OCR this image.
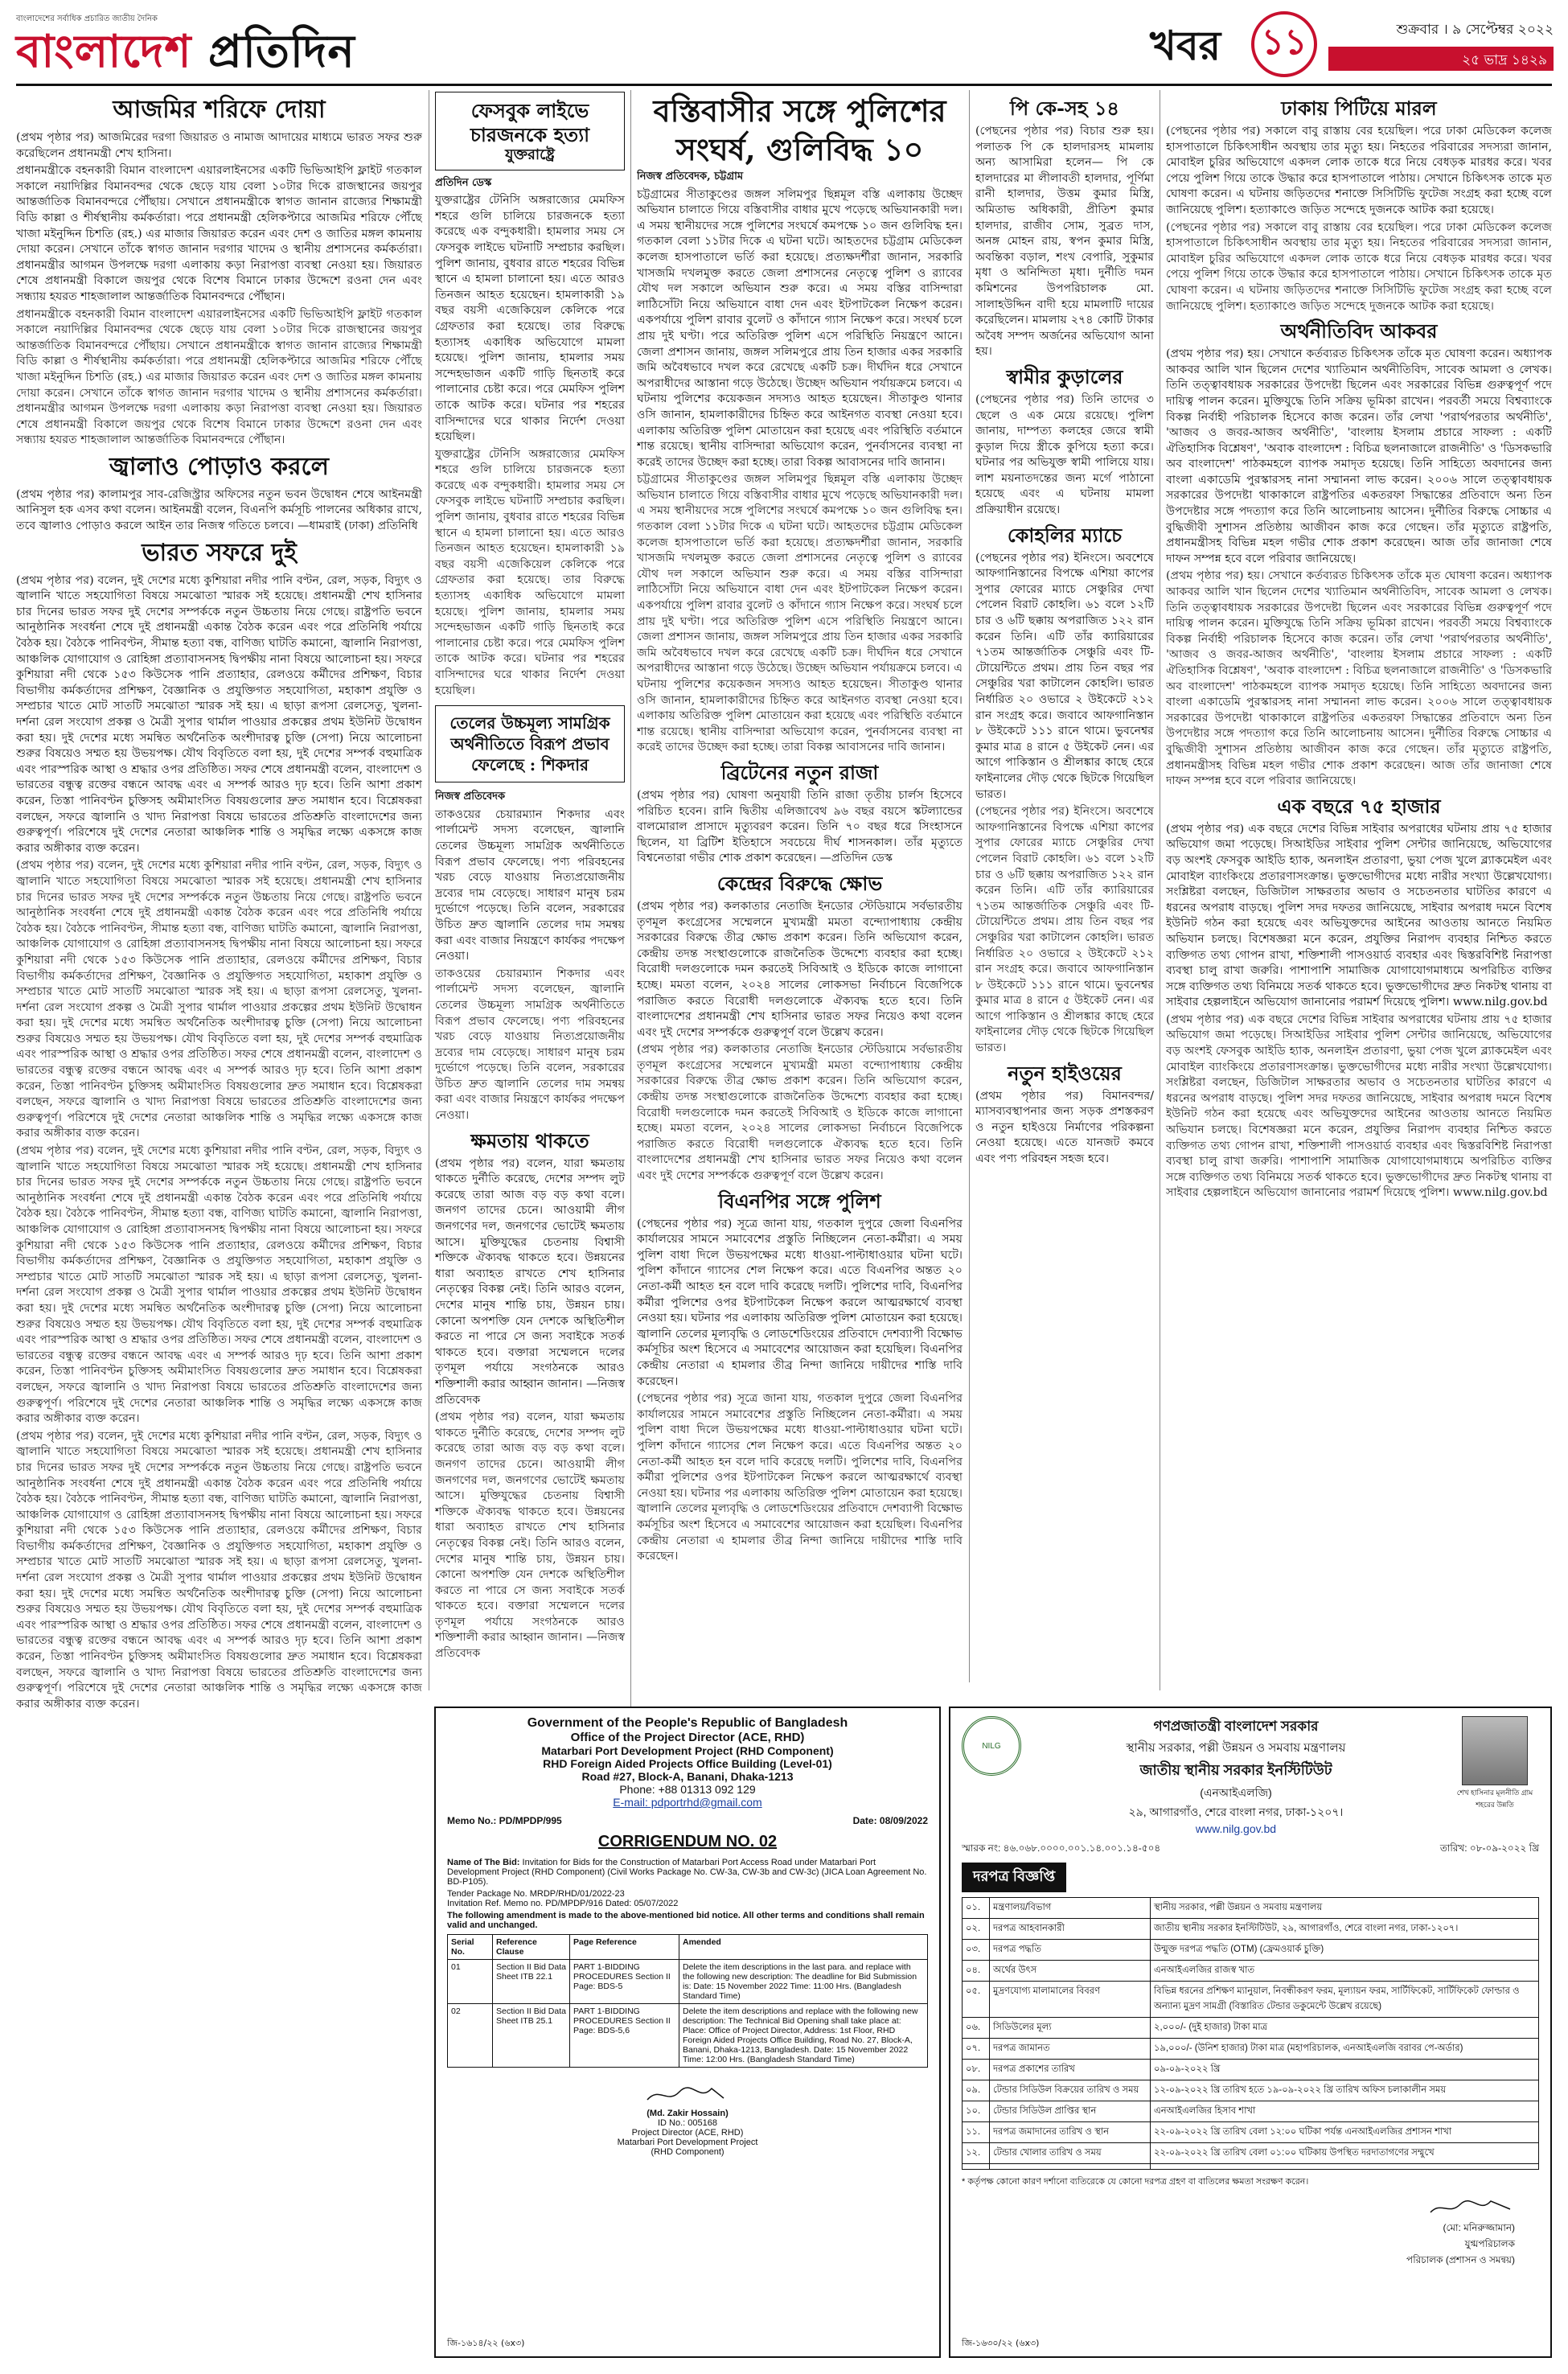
বাংলাদেশের সর্বাধিক প্রচারিত জাতীয় দৈনিক
বাংলাদেশ প্রতিদিন	খবর ১১	শুক্রবার । ৯ সেপ্টেম্বর ২০২২
২৫ ভাদ্র ১৪২৯
আজমির শরিফে দোয়া

(প্রথম পৃষ্ঠার পর) আজমিরের দরগা জিয়ারত ও নামাজ আদায়ের মাধ্যমে ভারত সফর শুরু করেছিলেন প্রধানমন্ত্রী শেখ হাসিনা।

প্রধানমন্ত্রীকে বহনকারী বিমান বাংলাদেশ এয়ারলাইনসের একটি ভিভিআইপি ফ্লাইট গতকাল সকালে নয়াদিল্লির বিমানবন্দর থেকে ছেড়ে যায় বেলা ১০টার দিকে রাজস্থানের জয়পুর আন্তর্জাতিক বিমানবন্দরে পৌঁছায়। সেখানে প্রধানমন্ত্রীকে স্বাগত জানান রাজ্যের শিক্ষামন্ত্রী বিডি কাল্লা ও শীর্ষস্থানীয় কর্মকর্তারা। পরে প্রধানমন্ত্রী হেলিকপ্টারে আজমির শরিফে পৌঁছে খাজা মইনুদ্দিন চিশতি (রহ.) এর মাজার জিয়ারত করেন এবং দেশ ও জাতির মঙ্গল কামনায় দোয়া করেন। সেখানে তাঁকে স্বাগত জানান দরগার খাদেম ও স্থানীয় প্রশাসনের কর্মকর্তারা। প্রধানমন্ত্রীর আগমন উপলক্ষে দরগা এলাকায় কড়া নিরাপত্তা ব্যবস্থা নেওয়া হয়। জিয়ারত শেষে প্রধানমন্ত্রী বিকালে জয়পুর থেকে বিশেষ বিমানে ঢাকার উদ্দেশে রওনা দেন এবং সন্ধ্যায় হযরত শাহজালাল আন্তর্জাতিক বিমানবন্দরে পৌঁছান।

প্রধানমন্ত্রীকে বহনকারী বিমান বাংলাদেশ এয়ারলাইনসের একটি ভিভিআইপি ফ্লাইট গতকাল সকালে নয়াদিল্লির বিমানবন্দর থেকে ছেড়ে যায় বেলা ১০টার দিকে রাজস্থানের জয়পুর আন্তর্জাতিক বিমানবন্দরে পৌঁছায়। সেখানে প্রধানমন্ত্রীকে স্বাগত জানান রাজ্যের শিক্ষামন্ত্রী বিডি কাল্লা ও শীর্ষস্থানীয় কর্মকর্তারা। পরে প্রধানমন্ত্রী হেলিকপ্টারে আজমির শরিফে পৌঁছে খাজা মইনুদ্দিন চিশতি (রহ.) এর মাজার জিয়ারত করেন এবং দেশ ও জাতির মঙ্গল কামনায় দোয়া করেন। সেখানে তাঁকে স্বাগত জানান দরগার খাদেম ও স্থানীয় প্রশাসনের কর্মকর্তারা। প্রধানমন্ত্রীর আগমন উপলক্ষে দরগা এলাকায় কড়া নিরাপত্তা ব্যবস্থা নেওয়া হয়। জিয়ারত শেষে প্রধানমন্ত্রী বিকালে জয়পুর থেকে বিশেষ বিমানে ঢাকার উদ্দেশে রওনা দেন এবং সন্ধ্যায় হযরত শাহজালাল আন্তর্জাতিক বিমানবন্দরে পৌঁছান।

জ্বালাও পোড়াও করলে

(প্রথম পৃষ্ঠার পর) কালামপুর সাব-রেজিস্ট্রার অফিসের নতুন ভবন উদ্বোধন শেষে আইনমন্ত্রী আনিসুল হক এসব কথা বলেন। আইনমন্ত্রী বলেন, বিএনপি কর্মসূচি পালনের অধিকার রাখে, তবে জ্বালাও পোড়াও করলে আইন তার নিজস্ব গতিতে চলবে। —ধামরাই (ঢাকা) প্রতিনিধি

ভারত সফরে দুই

(প্রথম পৃষ্ঠার পর) বলেন, দুই দেশের মধ্যে কুশিয়ারা নদীর পানি বণ্টন, রেল, সড়ক, বিদ্যুৎ ও জ্বালানি খাতে সহযোগিতা বিষয়ে সমঝোতা স্মারক সই হয়েছে। প্রধানমন্ত্রী শেখ হাসিনার চার দিনের ভারত সফর দুই দেশের সম্পর্ককে নতুন উচ্চতায় নিয়ে গেছে। রাষ্ট্রপতি ভবনে আনুষ্ঠানিক সংবর্ধনা শেষে দুই প্রধানমন্ত্রী একান্ত বৈঠক করেন এবং পরে প্রতিনিধি পর্যায়ে বৈঠক হয়। বৈঠকে পানিবণ্টন, সীমান্ত হত্যা বন্ধ, বাণিজ্য ঘাটতি কমানো, জ্বালানি নিরাপত্তা, আঞ্চলিক যোগাযোগ ও রোহিঙ্গা প্রত্যাবাসনসহ দ্বিপক্ষীয় নানা বিষয়ে আলোচনা হয়। সফরে কুশিয়ারা নদী থেকে ১৫৩ কিউসেক পানি প্রত্যাহার, রেলওয়ে কর্মীদের প্রশিক্ষণ, বিচার বিভাগীয় কর্মকর্তাদের প্রশিক্ষণ, বৈজ্ঞানিক ও প্রযুক্তিগত সহযোগিতা, মহাকাশ প্রযুক্তি ও সম্প্রচার খাতে মোট সাতটি সমঝোতা স্মারক সই হয়। এ ছাড়া রূপসা রেলসেতু, খুলনা-দর্শনা রেল সংযোগ প্রকল্প ও মৈত্রী সুপার থার্মাল পাওয়ার প্রকল্পের প্রথম ইউনিট উদ্বোধন করা হয়। দুই দেশের মধ্যে সমন্বিত অর্থনৈতিক অংশীদারত্ব চুক্তি (সেপা) নিয়ে আলোচনা শুরুর বিষয়েও সম্মত হয় উভয়পক্ষ। যৌথ বিবৃতিতে বলা হয়, দুই দেশের সম্পর্ক বহুমাত্রিক এবং পারস্পরিক আস্থা ও শ্রদ্ধার ওপর প্রতিষ্ঠিত। সফর শেষে প্রধানমন্ত্রী বলেন, বাংলাদেশ ও ভারতের বন্ধুত্ব রক্তের বন্ধনে আবদ্ধ এবং এ সম্পর্ক আরও দৃঢ় হবে। তিনি আশা প্রকাশ করেন, তিস্তা পানিবণ্টন চুক্তিসহ অমীমাংসিত বিষয়গুলোর দ্রুত সমাধান হবে। বিশ্লেষকরা বলছেন, সফরে জ্বালানি ও খাদ্য নিরাপত্তা বিষয়ে ভারতের প্রতিশ্রুতি বাংলাদেশের জন্য গুরুত্বপূর্ণ। পরিশেষে দুই দেশের নেতারা আঞ্চলিক শান্তি ও সমৃদ্ধির লক্ষ্যে একসঙ্গে কাজ করার অঙ্গীকার ব্যক্ত করেন।

(প্রথম পৃষ্ঠার পর) বলেন, দুই দেশের মধ্যে কুশিয়ারা নদীর পানি বণ্টন, রেল, সড়ক, বিদ্যুৎ ও জ্বালানি খাতে সহযোগিতা বিষয়ে সমঝোতা স্মারক সই হয়েছে। প্রধানমন্ত্রী শেখ হাসিনার চার দিনের ভারত সফর দুই দেশের সম্পর্ককে নতুন উচ্চতায় নিয়ে গেছে। রাষ্ট্রপতি ভবনে আনুষ্ঠানিক সংবর্ধনা শেষে দুই প্রধানমন্ত্রী একান্ত বৈঠক করেন এবং পরে প্রতিনিধি পর্যায়ে বৈঠক হয়। বৈঠকে পানিবণ্টন, সীমান্ত হত্যা বন্ধ, বাণিজ্য ঘাটতি কমানো, জ্বালানি নিরাপত্তা, আঞ্চলিক যোগাযোগ ও রোহিঙ্গা প্রত্যাবাসনসহ দ্বিপক্ষীয় নানা বিষয়ে আলোচনা হয়। সফরে কুশিয়ারা নদী থেকে ১৫৩ কিউসেক পানি প্রত্যাহার, রেলওয়ে কর্মীদের প্রশিক্ষণ, বিচার বিভাগীয় কর্মকর্তাদের প্রশিক্ষণ, বৈজ্ঞানিক ও প্রযুক্তিগত সহযোগিতা, মহাকাশ প্রযুক্তি ও সম্প্রচার খাতে মোট সাতটি সমঝোতা স্মারক সই হয়। এ ছাড়া রূপসা রেলসেতু, খুলনা-দর্শনা রেল সংযোগ প্রকল্প ও মৈত্রী সুপার থার্মাল পাওয়ার প্রকল্পের প্রথম ইউনিট উদ্বোধন করা হয়। দুই দেশের মধ্যে সমন্বিত অর্থনৈতিক অংশীদারত্ব চুক্তি (সেপা) নিয়ে আলোচনা শুরুর বিষয়েও সম্মত হয় উভয়পক্ষ। যৌথ বিবৃতিতে বলা হয়, দুই দেশের সম্পর্ক বহুমাত্রিক এবং পারস্পরিক আস্থা ও শ্রদ্ধার ওপর প্রতিষ্ঠিত। সফর শেষে প্রধানমন্ত্রী বলেন, বাংলাদেশ ও ভারতের বন্ধুত্ব রক্তের বন্ধনে আবদ্ধ এবং এ সম্পর্ক আরও দৃঢ় হবে। তিনি আশা প্রকাশ করেন, তিস্তা পানিবণ্টন চুক্তিসহ অমীমাংসিত বিষয়গুলোর দ্রুত সমাধান হবে। বিশ্লেষকরা বলছেন, সফরে জ্বালানি ও খাদ্য নিরাপত্তা বিষয়ে ভারতের প্রতিশ্রুতি বাংলাদেশের জন্য গুরুত্বপূর্ণ। পরিশেষে দুই দেশের নেতারা আঞ্চলিক শান্তি ও সমৃদ্ধির লক্ষ্যে একসঙ্গে কাজ করার অঙ্গীকার ব্যক্ত করেন।

(প্রথম পৃষ্ঠার পর) বলেন, দুই দেশের মধ্যে কুশিয়ারা নদীর পানি বণ্টন, রেল, সড়ক, বিদ্যুৎ ও জ্বালানি খাতে সহযোগিতা বিষয়ে সমঝোতা স্মারক সই হয়েছে। প্রধানমন্ত্রী শেখ হাসিনার চার দিনের ভারত সফর দুই দেশের সম্পর্ককে নতুন উচ্চতায় নিয়ে গেছে। রাষ্ট্রপতি ভবনে আনুষ্ঠানিক সংবর্ধনা শেষে দুই প্রধানমন্ত্রী একান্ত বৈঠক করেন এবং পরে প্রতিনিধি পর্যায়ে বৈঠক হয়। বৈঠকে পানিবণ্টন, সীমান্ত হত্যা বন্ধ, বাণিজ্য ঘাটতি কমানো, জ্বালানি নিরাপত্তা, আঞ্চলিক যোগাযোগ ও রোহিঙ্গা প্রত্যাবাসনসহ দ্বিপক্ষীয় নানা বিষয়ে আলোচনা হয়। সফরে কুশিয়ারা নদী থেকে ১৫৩ কিউসেক পানি প্রত্যাহার, রেলওয়ে কর্মীদের প্রশিক্ষণ, বিচার বিভাগীয় কর্মকর্তাদের প্রশিক্ষণ, বৈজ্ঞানিক ও প্রযুক্তিগত সহযোগিতা, মহাকাশ প্রযুক্তি ও সম্প্রচার খাতে মোট সাতটি সমঝোতা স্মারক সই হয়। এ ছাড়া রূপসা রেলসেতু, খুলনা-দর্শনা রেল সংযোগ প্রকল্প ও মৈত্রী সুপার থার্মাল পাওয়ার প্রকল্পের প্রথম ইউনিট উদ্বোধন করা হয়। দুই দেশের মধ্যে সমন্বিত অর্থনৈতিক অংশীদারত্ব চুক্তি (সেপা) নিয়ে আলোচনা শুরুর বিষয়েও সম্মত হয় উভয়পক্ষ। যৌথ বিবৃতিতে বলা হয়, দুই দেশের সম্পর্ক বহুমাত্রিক এবং পারস্পরিক আস্থা ও শ্রদ্ধার ওপর প্রতিষ্ঠিত। সফর শেষে প্রধানমন্ত্রী বলেন, বাংলাদেশ ও ভারতের বন্ধুত্ব রক্তের বন্ধনে আবদ্ধ এবং এ সম্পর্ক আরও দৃঢ় হবে। তিনি আশা প্রকাশ করেন, তিস্তা পানিবণ্টন চুক্তিসহ অমীমাংসিত বিষয়গুলোর দ্রুত সমাধান হবে। বিশ্লেষকরা বলছেন, সফরে জ্বালানি ও খাদ্য নিরাপত্তা বিষয়ে ভারতের প্রতিশ্রুতি বাংলাদেশের জন্য গুরুত্বপূর্ণ। পরিশেষে দুই দেশের নেতারা আঞ্চলিক শান্তি ও সমৃদ্ধির লক্ষ্যে একসঙ্গে কাজ করার অঙ্গীকার ব্যক্ত করেন।

(প্রথম পৃষ্ঠার পর) বলেন, দুই দেশের মধ্যে কুশিয়ারা নদীর পানি বণ্টন, রেল, সড়ক, বিদ্যুৎ ও জ্বালানি খাতে সহযোগিতা বিষয়ে সমঝোতা স্মারক সই হয়েছে। প্রধানমন্ত্রী শেখ হাসিনার চার দিনের ভারত সফর দুই দেশের সম্পর্ককে নতুন উচ্চতায় নিয়ে গেছে। রাষ্ট্রপতি ভবনে আনুষ্ঠানিক সংবর্ধনা শেষে দুই প্রধানমন্ত্রী একান্ত বৈঠক করেন এবং পরে প্রতিনিধি পর্যায়ে বৈঠক হয়। বৈঠকে পানিবণ্টন, সীমান্ত হত্যা বন্ধ, বাণিজ্য ঘাটতি কমানো, জ্বালানি নিরাপত্তা, আঞ্চলিক যোগাযোগ ও রোহিঙ্গা প্রত্যাবাসনসহ দ্বিপক্ষীয় নানা বিষয়ে আলোচনা হয়। সফরে কুশিয়ারা নদী থেকে ১৫৩ কিউসেক পানি প্রত্যাহার, রেলওয়ে কর্মীদের প্রশিক্ষণ, বিচার বিভাগীয় কর্মকর্তাদের প্রশিক্ষণ, বৈজ্ঞানিক ও প্রযুক্তিগত সহযোগিতা, মহাকাশ প্রযুক্তি ও সম্প্রচার খাতে মোট সাতটি সমঝোতা স্মারক সই হয়। এ ছাড়া রূপসা রেলসেতু, খুলনা-দর্শনা রেল সংযোগ প্রকল্প ও মৈত্রী সুপার থার্মাল পাওয়ার প্রকল্পের প্রথম ইউনিট উদ্বোধন করা হয়। দুই দেশের মধ্যে সমন্বিত অর্থনৈতিক অংশীদারত্ব চুক্তি (সেপা) নিয়ে আলোচনা শুরুর বিষয়েও সম্মত হয় উভয়পক্ষ। যৌথ বিবৃতিতে বলা হয়, দুই দেশের সম্পর্ক বহুমাত্রিক এবং পারস্পরিক আস্থা ও শ্রদ্ধার ওপর প্রতিষ্ঠিত। সফর শেষে প্রধানমন্ত্রী বলেন, বাংলাদেশ ও ভারতের বন্ধুত্ব রক্তের বন্ধনে আবদ্ধ এবং এ সম্পর্ক আরও দৃঢ় হবে। তিনি আশা প্রকাশ করেন, তিস্তা পানিবণ্টন চুক্তিসহ অমীমাংসিত বিষয়গুলোর দ্রুত সমাধান হবে। বিশ্লেষকরা বলছেন, সফরে জ্বালানি ও খাদ্য নিরাপত্তা বিষয়ে ভারতের প্রতিশ্রুতি বাংলাদেশের জন্য গুরুত্বপূর্ণ। পরিশেষে দুই দেশের নেতারা আঞ্চলিক শান্তি ও সমৃদ্ধির লক্ষ্যে একসঙ্গে কাজ করার অঙ্গীকার ব্যক্ত করেন।

ফেসবুক লাইভে চারজনকে হত্যা
যুক্তরাষ্ট্রে
প্রতিদিন ডেস্ক

যুক্তরাষ্ট্রের টেনিসি অঙ্গরাজ্যের মেমফিস শহরে গুলি চালিয়ে চারজনকে হত্যা করেছে এক বন্দুকধারী। হামলার সময় সে ফেসবুক লাইভে ঘটনাটি সম্প্রচার করছিল। পুলিশ জানায়, বুধবার রাতে শহরের বিভিন্ন স্থানে এ হামলা চালানো হয়। এতে আরও তিনজন আহত হয়েছেন। হামলাকারী ১৯ বছর বয়সী এজেকিয়েল কেলিকে পরে গ্রেফতার করা হয়েছে। তার বিরুদ্ধে হত্যাসহ একাধিক অভিযোগে মামলা হয়েছে। পুলিশ জানায়, হামলার সময় সন্দেহভাজন একটি গাড়ি ছিনতাই করে পালানোর চেষ্টা করে। পরে মেমফিস পুলিশ তাকে আটক করে। ঘটনার পর শহরের বাসিন্দাদের ঘরে থাকার নির্দেশ দেওয়া হয়েছিল।

যুক্তরাষ্ট্রের টেনিসি অঙ্গরাজ্যের মেমফিস শহরে গুলি চালিয়ে চারজনকে হত্যা করেছে এক বন্দুকধারী। হামলার সময় সে ফেসবুক লাইভে ঘটনাটি সম্প্রচার করছিল। পুলিশ জানায়, বুধবার রাতে শহরের বিভিন্ন স্থানে এ হামলা চালানো হয়। এতে আরও তিনজন আহত হয়েছেন। হামলাকারী ১৯ বছর বয়সী এজেকিয়েল কেলিকে পরে গ্রেফতার করা হয়েছে। তার বিরুদ্ধে হত্যাসহ একাধিক অভিযোগে মামলা হয়েছে। পুলিশ জানায়, হামলার সময় সন্দেহভাজন একটি গাড়ি ছিনতাই করে পালানোর চেষ্টা করে। পরে মেমফিস পুলিশ তাকে আটক করে। ঘটনার পর শহরের বাসিন্দাদের ঘরে থাকার নির্দেশ দেওয়া হয়েছিল।

তেলের উচ্চমূল্য সামগ্রিক অর্থনীতিতে বিরূপ প্রভাব ফেলেছে : শিকদার
নিজস্ব প্রতিবেদক

তাকওয়ের চেয়ারম্যান শিকদার এবং পার্লামেন্ট সদস্য বলেছেন, জ্বালানি তেলের উচ্চমূল্য সামগ্রিক অর্থনীতিতে বিরূপ প্রভাব ফেলেছে। পণ্য পরিবহনের খরচ বেড়ে যাওয়ায় নিত্যপ্রয়োজনীয় দ্রব্যের দাম বেড়েছে। সাধারণ মানুষ চরম দুর্ভোগে পড়েছে। তিনি বলেন, সরকারের উচিত দ্রুত জ্বালানি তেলের দাম সমন্বয় করা এবং বাজার নিয়ন্ত্রণে কার্যকর পদক্ষেপ নেওয়া।

তাকওয়ের চেয়ারম্যান শিকদার এবং পার্লামেন্ট সদস্য বলেছেন, জ্বালানি তেলের উচ্চমূল্য সামগ্রিক অর্থনীতিতে বিরূপ প্রভাব ফেলেছে। পণ্য পরিবহনের খরচ বেড়ে যাওয়ায় নিত্যপ্রয়োজনীয় দ্রব্যের দাম বেড়েছে। সাধারণ মানুষ চরম দুর্ভোগে পড়েছে। তিনি বলেন, সরকারের উচিত দ্রুত জ্বালানি তেলের দাম সমন্বয় করা এবং বাজার নিয়ন্ত্রণে কার্যকর পদক্ষেপ নেওয়া।

ক্ষমতায় থাকতে

(প্রথম পৃষ্ঠার পর) বলেন, যারা ক্ষমতায় থাকতে দুর্নীতি করেছে, দেশের সম্পদ লুট করেছে তারা আজ বড় বড় কথা বলে। জনগণ তাদের চেনে। আওয়ামী লীগ জনগণের দল, জনগণের ভোটেই ক্ষমতায় আসে। মুক্তিযুদ্ধের চেতনায় বিশ্বাসী শক্তিকে ঐক্যবদ্ধ থাকতে হবে। উন্নয়নের ধারা অব্যাহত রাখতে শেখ হাসিনার নেতৃত্বের বিকল্প নেই। তিনি আরও বলেন, দেশের মানুষ শান্তি চায়, উন্নয়ন চায়। কোনো অপশক্তি যেন দেশকে অস্থিতিশীল করতে না পারে সে জন্য সবাইকে সতর্ক থাকতে হবে। বক্তারা সম্মেলনে দলের তৃণমূল পর্যায়ে সংগঠনকে আরও শক্তিশালী করার আহ্বান জানান। —নিজস্ব প্রতিবেদক

(প্রথম পৃষ্ঠার পর) বলেন, যারা ক্ষমতায় থাকতে দুর্নীতি করেছে, দেশের সম্পদ লুট করেছে তারা আজ বড় বড় কথা বলে। জনগণ তাদের চেনে। আওয়ামী লীগ জনগণের দল, জনগণের ভোটেই ক্ষমতায় আসে। মুক্তিযুদ্ধের চেতনায় বিশ্বাসী শক্তিকে ঐক্যবদ্ধ থাকতে হবে। উন্নয়নের ধারা অব্যাহত রাখতে শেখ হাসিনার নেতৃত্বের বিকল্প নেই। তিনি আরও বলেন, দেশের মানুষ শান্তি চায়, উন্নয়ন চায়। কোনো অপশক্তি যেন দেশকে অস্থিতিশীল করতে না পারে সে জন্য সবাইকে সতর্ক থাকতে হবে। বক্তারা সম্মেলনে দলের তৃণমূল পর্যায়ে সংগঠনকে আরও শক্তিশালী করার আহ্বান জানান। —নিজস্ব প্রতিবেদক

বস্তিবাসীর সঙ্গে পুলিশের সংঘর্ষ, গুলিবিদ্ধ ১০
নিজস্ব প্রতিবেদক, চট্টগ্রাম

চট্টগ্রামের সীতাকুণ্ডের জঙ্গল সলিমপুর ছিন্নমূল বস্তি এলাকায় উচ্ছেদ অভিযান চালাতে গিয়ে বস্তিবাসীর বাধার মুখে পড়েছে অভিযানকারী দল। এ সময় স্থানীয়দের সঙ্গে পুলিশের সংঘর্ষে কমপক্ষে ১০ জন গুলিবিদ্ধ হন। গতকাল বেলা ১১টার দিকে এ ঘটনা ঘটে। আহতদের চট্টগ্রাম মেডিকেল কলেজ হাসপাতালে ভর্তি করা হয়েছে। প্রত্যক্ষদর্শীরা জানান, সরকারি খাসজমি দখলমুক্ত করতে জেলা প্রশাসনের নেতৃত্বে পুলিশ ও র‌্যাবের যৌথ দল সকালে অভিযান শুরু করে। এ সময় বস্তির বাসিন্দারা লাঠিসোঁটা নিয়ে অভিযানে বাধা দেন এবং ইটপাটকেল নিক্ষেপ করেন। একপর্যায়ে পুলিশ রাবার বুলেট ও কাঁদানে গ্যাস নিক্ষেপ করে। সংঘর্ষ চলে প্রায় দুই ঘণ্টা। পরে অতিরিক্ত পুলিশ এসে পরিস্থিতি নিয়ন্ত্রণে আনে। জেলা প্রশাসন জানায়, জঙ্গল সলিমপুরে প্রায় তিন হাজার একর সরকারি জমি অবৈধভাবে দখল করে রেখেছে একটি চক্র। দীর্ঘদিন ধরে সেখানে অপরাধীদের আস্তানা গড়ে উঠেছে। উচ্ছেদ অভিযান পর্যায়ক্রমে চলবে। এ ঘটনায় পুলিশের কয়েকজন সদস্যও আহত হয়েছেন। সীতাকুণ্ড থানার ওসি জানান, হামলাকারীদের চিহ্নিত করে আইনগত ব্যবস্থা নেওয়া হবে। এলাকায় অতিরিক্ত পুলিশ মোতায়েন করা হয়েছে এবং পরিস্থিতি বর্তমানে শান্ত রয়েছে। স্থানীয় বাসিন্দারা অভিযোগ করেন, পুনর্বাসনের ব্যবস্থা না করেই তাদের উচ্ছেদ করা হচ্ছে। তারা বিকল্প আবাসনের দাবি জানান।

চট্টগ্রামের সীতাকুণ্ডের জঙ্গল সলিমপুর ছিন্নমূল বস্তি এলাকায় উচ্ছেদ অভিযান চালাতে গিয়ে বস্তিবাসীর বাধার মুখে পড়েছে অভিযানকারী দল। এ সময় স্থানীয়দের সঙ্গে পুলিশের সংঘর্ষে কমপক্ষে ১০ জন গুলিবিদ্ধ হন। গতকাল বেলা ১১টার দিকে এ ঘটনা ঘটে। আহতদের চট্টগ্রাম মেডিকেল কলেজ হাসপাতালে ভর্তি করা হয়েছে। প্রত্যক্ষদর্শীরা জানান, সরকারি খাসজমি দখলমুক্ত করতে জেলা প্রশাসনের নেতৃত্বে পুলিশ ও র‌্যাবের যৌথ দল সকালে অভিযান শুরু করে। এ সময় বস্তির বাসিন্দারা লাঠিসোঁটা নিয়ে অভিযানে বাধা দেন এবং ইটপাটকেল নিক্ষেপ করেন। একপর্যায়ে পুলিশ রাবার বুলেট ও কাঁদানে গ্যাস নিক্ষেপ করে। সংঘর্ষ চলে প্রায় দুই ঘণ্টা। পরে অতিরিক্ত পুলিশ এসে পরিস্থিতি নিয়ন্ত্রণে আনে। জেলা প্রশাসন জানায়, জঙ্গল সলিমপুরে প্রায় তিন হাজার একর সরকারি জমি অবৈধভাবে দখল করে রেখেছে একটি চক্র। দীর্ঘদিন ধরে সেখানে অপরাধীদের আস্তানা গড়ে উঠেছে। উচ্ছেদ অভিযান পর্যায়ক্রমে চলবে। এ ঘটনায় পুলিশের কয়েকজন সদস্যও আহত হয়েছেন। সীতাকুণ্ড থানার ওসি জানান, হামলাকারীদের চিহ্নিত করে আইনগত ব্যবস্থা নেওয়া হবে। এলাকায় অতিরিক্ত পুলিশ মোতায়েন করা হয়েছে এবং পরিস্থিতি বর্তমানে শান্ত রয়েছে। স্থানীয় বাসিন্দারা অভিযোগ করেন, পুনর্বাসনের ব্যবস্থা না করেই তাদের উচ্ছেদ করা হচ্ছে। তারা বিকল্প আবাসনের দাবি জানান।

ব্রিটেনের নতুন রাজা

(প্রথম পৃষ্ঠার পর) ঘোষণা অনুযায়ী তিনি রাজা তৃতীয় চার্লস হিসেবে পরিচিত হবেন। রানি দ্বিতীয় এলিজাবেথ ৯৬ বছর বয়সে স্কটল্যান্ডের বালমোরাল প্রাসাদে মৃত্যুবরণ করেন। তিনি ৭০ বছর ধরে সিংহাসনে ছিলেন, যা ব্রিটিশ ইতিহাসে সবচেয়ে দীর্ঘ শাসনকাল। তাঁর মৃত্যুতে বিশ্বনেতারা গভীর শোক প্রকাশ করেছেন। —প্রতিদিন ডেস্ক

কেন্দ্রের বিরুদ্ধে ক্ষোভ

(প্রথম পৃষ্ঠার পর) কলকাতার নেতাজি ইনডোর স্টেডিয়ামে সর্বভারতীয় তৃণমূল কংগ্রেসের সম্মেলনে মুখ্যমন্ত্রী মমতা বন্দ্যোপাধ্যায় কেন্দ্রীয় সরকারের বিরুদ্ধে তীব্র ক্ষোভ প্রকাশ করেন। তিনি অভিযোগ করেন, কেন্দ্রীয় তদন্ত সংস্থাগুলোকে রাজনৈতিক উদ্দেশ্যে ব্যবহার করা হচ্ছে। বিরোধী দলগুলোকে দমন করতেই সিবিআই ও ইডিকে কাজে লাগানো হচ্ছে। মমতা বলেন, ২০২৪ সালের লোকসভা নির্বাচনে বিজেপিকে পরাজিত করতে বিরোধী দলগুলোকে ঐক্যবদ্ধ হতে হবে। তিনি বাংলাদেশের প্রধানমন্ত্রী শেখ হাসিনার ভারত সফর নিয়েও কথা বলেন এবং দুই দেশের সম্পর্ককে গুরুত্বপূর্ণ বলে উল্লেখ করেন।

(প্রথম পৃষ্ঠার পর) কলকাতার নেতাজি ইনডোর স্টেডিয়ামে সর্বভারতীয় তৃণমূল কংগ্রেসের সম্মেলনে মুখ্যমন্ত্রী মমতা বন্দ্যোপাধ্যায় কেন্দ্রীয় সরকারের বিরুদ্ধে তীব্র ক্ষোভ প্রকাশ করেন। তিনি অভিযোগ করেন, কেন্দ্রীয় তদন্ত সংস্থাগুলোকে রাজনৈতিক উদ্দেশ্যে ব্যবহার করা হচ্ছে। বিরোধী দলগুলোকে দমন করতেই সিবিআই ও ইডিকে কাজে লাগানো হচ্ছে। মমতা বলেন, ২০২৪ সালের লোকসভা নির্বাচনে বিজেপিকে পরাজিত করতে বিরোধী দলগুলোকে ঐক্যবদ্ধ হতে হবে। তিনি বাংলাদেশের প্রধানমন্ত্রী শেখ হাসিনার ভারত সফর নিয়েও কথা বলেন এবং দুই দেশের সম্পর্ককে গুরুত্বপূর্ণ বলে উল্লেখ করেন।

বিএনপির সঙ্গে পুলিশ

(পেছনের পৃষ্ঠার পর) সূত্রে জানা যায়, গতকাল দুপুরে জেলা বিএনপির কার্যালয়ের সামনে সমাবেশের প্রস্তুতি নিচ্ছিলেন নেতা-কর্মীরা। এ সময় পুলিশ বাধা দিলে উভয়পক্ষের মধ্যে ধাওয়া-পাল্টাধাওয়ার ঘটনা ঘটে। পুলিশ কাঁদানে গ্যাসের শেল নিক্ষেপ করে। এতে বিএনপির অন্তত ২০ নেতা-কর্মী আহত হন বলে দাবি করেছে দলটি। পুলিশের দাবি, বিএনপির কর্মীরা পুলিশের ওপর ইটপাটকেল নিক্ষেপ করলে আত্মরক্ষার্থে ব্যবস্থা নেওয়া হয়। ঘটনার পর এলাকায় অতিরিক্ত পুলিশ মোতায়েন করা হয়েছে। জ্বালানি তেলের মূল্যবৃদ্ধি ও লোডশেডিংয়ের প্রতিবাদে দেশব্যাপী বিক্ষোভ কর্মসূচির অংশ হিসেবে এ সমাবেশের আয়োজন করা হয়েছিল। বিএনপির কেন্দ্রীয় নেতারা এ হামলার তীব্র নিন্দা জানিয়ে দায়ীদের শাস্তি দাবি করেছেন।

(পেছনের পৃষ্ঠার পর) সূত্রে জানা যায়, গতকাল দুপুরে জেলা বিএনপির কার্যালয়ের সামনে সমাবেশের প্রস্তুতি নিচ্ছিলেন নেতা-কর্মীরা। এ সময় পুলিশ বাধা দিলে উভয়পক্ষের মধ্যে ধাওয়া-পাল্টাধাওয়ার ঘটনা ঘটে। পুলিশ কাঁদানে গ্যাসের শেল নিক্ষেপ করে। এতে বিএনপির অন্তত ২০ নেতা-কর্মী আহত হন বলে দাবি করেছে দলটি। পুলিশের দাবি, বিএনপির কর্মীরা পুলিশের ওপর ইটপাটকেল নিক্ষেপ করলে আত্মরক্ষার্থে ব্যবস্থা নেওয়া হয়। ঘটনার পর এলাকায় অতিরিক্ত পুলিশ মোতায়েন করা হয়েছে। জ্বালানি তেলের মূল্যবৃদ্ধি ও লোডশেডিংয়ের প্রতিবাদে দেশব্যাপী বিক্ষোভ কর্মসূচির অংশ হিসেবে এ সমাবেশের আয়োজন করা হয়েছিল। বিএনপির কেন্দ্রীয় নেতারা এ হামলার তীব্র নিন্দা জানিয়ে দায়ীদের শাস্তি দাবি করেছেন।

পি কে-সহ ১৪

(পেছনের পৃষ্ঠার পর) বিচার শুরু হয়। পলাতক পি কে হালদারসহ মামলায় অন্য আসামিরা হলেন— পি কে হালদারের মা লীলাবতী হালদার, পূর্ণিমা রানী হালদার, উত্তম কুমার মিস্ত্রি, অমিতাভ অধিকারী, প্রীতিশ কুমার হালদার, রাজীব সোম, সুব্রত দাস, অনঙ্গ মোহন রায়, স্বপন কুমার মিস্ত্রি, অবন্তিকা বড়াল, শংখ বেপারি, সুকুমার মৃধা ও অনিন্দিতা মৃধা। দুর্নীতি দমন কমিশনের উপপরিচালক মো. সালাহউদ্দিন বাদী হয়ে মামলাটি দায়ের করেছিলেন। মামলায় ২৭৪ কোটি টাকার অবৈধ সম্পদ অর্জনের অভিযোগ আনা হয়।

স্বামীর কুড়ালের

(পেছনের পৃষ্ঠার পর) তিনি তাদের ৩ ছেলে ও এক মেয়ে রয়েছে। পুলিশ জানায়, দাম্পত্য কলহের জেরে স্বামী কুড়াল দিয়ে স্ত্রীকে কুপিয়ে হত্যা করে। ঘটনার পর অভিযুক্ত স্বামী পালিয়ে যায়। লাশ ময়নাতদন্তের জন্য মর্গে পাঠানো হয়েছে এবং এ ঘটনায় মামলা প্রক্রিয়াধীন রয়েছে।

কোহলির ম্যাচে

(পেছনের পৃষ্ঠার পর) ইনিংসে। অবশেষে আফগানিস্তানের বিপক্ষে এশিয়া কাপের সুপার ফোরের ম্যাচে সেঞ্চুরির দেখা পেলেন বিরাট কোহলি। ৬১ বলে ১২টি চার ও ৬টি ছক্কায় অপরাজিত ১২২ রান করেন তিনি। এটি তাঁর ক্যারিয়ারের ৭১তম আন্তর্জাতিক সেঞ্চুরি এবং টি-টোয়েন্টিতে প্রথম। প্রায় তিন বছর পর সেঞ্চুরির খরা কাটালেন কোহলি। ভারত নির্ধারিত ২০ ওভারে ২ উইকেটে ২১২ রান সংগ্রহ করে। জবাবে আফগানিস্তান ৮ উইকেটে ১১১ রানে থামে। ভুবনেশ্বর কুমার মাত্র ৪ রানে ৫ উইকেট নেন। এর আগে পাকিস্তান ও শ্রীলঙ্কার কাছে হেরে ফাইনালের দৌড় থেকে ছিটকে গিয়েছিল ভারত।

(পেছনের পৃষ্ঠার পর) ইনিংসে। অবশেষে আফগানিস্তানের বিপক্ষে এশিয়া কাপের সুপার ফোরের ম্যাচে সেঞ্চুরির দেখা পেলেন বিরাট কোহলি। ৬১ বলে ১২টি চার ও ৬টি ছক্কায় অপরাজিত ১২২ রান করেন তিনি। এটি তাঁর ক্যারিয়ারের ৭১তম আন্তর্জাতিক সেঞ্চুরি এবং টি-টোয়েন্টিতে প্রথম। প্রায় তিন বছর পর সেঞ্চুরির খরা কাটালেন কোহলি। ভারত নির্ধারিত ২০ ওভারে ২ উইকেটে ২১২ রান সংগ্রহ করে। জবাবে আফগানিস্তান ৮ উইকেটে ১১১ রানে থামে। ভুবনেশ্বর কুমার মাত্র ৪ রানে ৫ উইকেট নেন। এর আগে পাকিস্তান ও শ্রীলঙ্কার কাছে হেরে ফাইনালের দৌড় থেকে ছিটকে গিয়েছিল ভারত।

নতুন হাইওয়ের

(প্রথম পৃষ্ঠার পর) বিমানবন্দর/ম্যাসব্যবস্থাপনার জন্য সড়ক প্রশস্তকরণ ও নতুন হাইওয়ে নির্মাণের পরিকল্পনা নেওয়া হয়েছে। এতে যানজট কমবে এবং পণ্য পরিবহন সহজ হবে।

ঢাকায় পিটিয়ে মারল

(পেছনের পৃষ্ঠার পর) সকালে বাবু রাস্তায় বের হয়েছিল। পরে ঢাকা মেডিকেল কলেজ হাসপাতালে চিকিৎসাধীন অবস্থায় তার মৃত্যু হয়। নিহতের পরিবারের সদস্যরা জানান, মোবাইল চুরির অভিযোগে একদল লোক তাকে ধরে নিয়ে বেধড়ক মারধর করে। খবর পেয়ে পুলিশ গিয়ে তাকে উদ্ধার করে হাসপাতালে পাঠায়। সেখানে চিকিৎসক তাকে মৃত ঘোষণা করেন। এ ঘটনায় জড়িতদের শনাক্তে সিসিটিভি ফুটেজ সংগ্রহ করা হচ্ছে বলে জানিয়েছে পুলিশ। হত্যাকাণ্ডে জড়িত সন্দেহে দুজনকে আটক করা হয়েছে।

(পেছনের পৃষ্ঠার পর) সকালে বাবু রাস্তায় বের হয়েছিল। পরে ঢাকা মেডিকেল কলেজ হাসপাতালে চিকিৎসাধীন অবস্থায় তার মৃত্যু হয়। নিহতের পরিবারের সদস্যরা জানান, মোবাইল চুরির অভিযোগে একদল লোক তাকে ধরে নিয়ে বেধড়ক মারধর করে। খবর পেয়ে পুলিশ গিয়ে তাকে উদ্ধার করে হাসপাতালে পাঠায়। সেখানে চিকিৎসক তাকে মৃত ঘোষণা করেন। এ ঘটনায় জড়িতদের শনাক্তে সিসিটিভি ফুটেজ সংগ্রহ করা হচ্ছে বলে জানিয়েছে পুলিশ। হত্যাকাণ্ডে জড়িত সন্দেহে দুজনকে আটক করা হয়েছে।

অর্থনীতিবিদ আকবর

(প্রথম পৃষ্ঠার পর) হয়। সেখানে কর্তব্যরত চিকিৎসক তাঁকে মৃত ঘোষণা করেন। অধ্যাপক আকবর আলি খান ছিলেন দেশের খ্যাতিমান অর্থনীতিবিদ, সাবেক আমলা ও লেখক। তিনি তত্ত্বাবধায়ক সরকারের উপদেষ্টা ছিলেন এবং সরকারের বিভিন্ন গুরুত্বপূর্ণ পদে দায়িত্ব পালন করেন। মুক্তিযুদ্ধে তিনি সক্রিয় ভূমিকা রাখেন। পরবর্তী সময়ে বিশ্বব্যাংকে বিকল্প নির্বাহী পরিচালক হিসেবে কাজ করেন। তাঁর লেখা 'পরার্থপরতার অর্থনীতি', 'আজব ও জবর-আজব অর্থনীতি', 'বাংলায় ইসলাম প্রচারে সাফল্য : একটি ঐতিহাসিক বিশ্লেষণ', 'অবাক বাংলাদেশ : বিচিত্র ছলনাজালে রাজনীতি' ও 'ডিসকভারি অব বাংলাদেশ' পাঠকমহলে ব্যাপক সমাদৃত হয়েছে। তিনি সাহিত্যে অবদানের জন্য বাংলা একাডেমি পুরস্কারসহ নানা সম্মাননা লাভ করেন। ২০০৬ সালে তত্ত্বাবধায়ক সরকারের উপদেষ্টা থাকাকালে রাষ্ট্রপতির একতরফা সিদ্ধান্তের প্রতিবাদে অন্য তিন উপদেষ্টার সঙ্গে পদত্যাগ করে তিনি আলোচনায় আসেন। দুর্নীতির বিরুদ্ধে সোচ্চার এ বুদ্ধিজীবী সুশাসন প্রতিষ্ঠায় আজীবন কাজ করে গেছেন। তাঁর মৃত্যুতে রাষ্ট্রপতি, প্রধানমন্ত্রীসহ বিভিন্ন মহল গভীর শোক প্রকাশ করেছেন। আজ তাঁর জানাজা শেষে দাফন সম্পন্ন হবে বলে পরিবার জানিয়েছে।

(প্রথম পৃষ্ঠার পর) হয়। সেখানে কর্তব্যরত চিকিৎসক তাঁকে মৃত ঘোষণা করেন। অধ্যাপক আকবর আলি খান ছিলেন দেশের খ্যাতিমান অর্থনীতিবিদ, সাবেক আমলা ও লেখক। তিনি তত্ত্বাবধায়ক সরকারের উপদেষ্টা ছিলেন এবং সরকারের বিভিন্ন গুরুত্বপূর্ণ পদে দায়িত্ব পালন করেন। মুক্তিযুদ্ধে তিনি সক্রিয় ভূমিকা রাখেন। পরবর্তী সময়ে বিশ্বব্যাংকে বিকল্প নির্বাহী পরিচালক হিসেবে কাজ করেন। তাঁর লেখা 'পরার্থপরতার অর্থনীতি', 'আজব ও জবর-আজব অর্থনীতি', 'বাংলায় ইসলাম প্রচারে সাফল্য : একটি ঐতিহাসিক বিশ্লেষণ', 'অবাক বাংলাদেশ : বিচিত্র ছলনাজালে রাজনীতি' ও 'ডিসকভারি অব বাংলাদেশ' পাঠকমহলে ব্যাপক সমাদৃত হয়েছে। তিনি সাহিত্যে অবদানের জন্য বাংলা একাডেমি পুরস্কারসহ নানা সম্মাননা লাভ করেন। ২০০৬ সালে তত্ত্বাবধায়ক সরকারের উপদেষ্টা থাকাকালে রাষ্ট্রপতির একতরফা সিদ্ধান্তের প্রতিবাদে অন্য তিন উপদেষ্টার সঙ্গে পদত্যাগ করে তিনি আলোচনায় আসেন। দুর্নীতির বিরুদ্ধে সোচ্চার এ বুদ্ধিজীবী সুশাসন প্রতিষ্ঠায় আজীবন কাজ করে গেছেন। তাঁর মৃত্যুতে রাষ্ট্রপতি, প্রধানমন্ত্রীসহ বিভিন্ন মহল গভীর শোক প্রকাশ করেছেন। আজ তাঁর জানাজা শেষে দাফন সম্পন্ন হবে বলে পরিবার জানিয়েছে।

এক বছরে ৭৫ হাজার

(প্রথম পৃষ্ঠার পর) এক বছরে দেশের বিভিন্ন সাইবার অপরাধের ঘটনায় প্রায় ৭৫ হাজার অভিযোগ জমা পড়েছে। সিআইডির সাইবার পুলিশ সেন্টার জানিয়েছে, অভিযোগের বড় অংশই ফেসবুক আইডি হ্যাক, অনলাইন প্রতারণা, ভুয়া পেজ খুলে ব্ল্যাকমেইল এবং মোবাইল ব্যাংকিংয়ে প্রতারণাসংক্রান্ত। ভুক্তভোগীদের মধ্যে নারীর সংখ্যা উল্লেখযোগ্য। সংশ্লিষ্টরা বলছেন, ডিজিটাল সাক্ষরতার অভাব ও সচেতনতার ঘাটতির কারণে এ ধরনের অপরাধ বাড়ছে। পুলিশ সদর দফতর জানিয়েছে, সাইবার অপরাধ দমনে বিশেষ ইউনিট গঠন করা হয়েছে এবং অভিযুক্তদের আইনের আওতায় আনতে নিয়মিত অভিযান চলছে। বিশেষজ্ঞরা মনে করেন, প্রযুক্তির নিরাপদ ব্যবহার নিশ্চিত করতে ব্যক্তিগত তথ্য গোপন রাখা, শক্তিশালী পাসওয়ার্ড ব্যবহার এবং দ্বিস্তরবিশিষ্ট নিরাপত্তা ব্যবস্থা চালু রাখা জরুরি। পাশাপাশি সামাজিক যোগাযোগমাধ্যমে অপরিচিত ব্যক্তির সঙ্গে ব্যক্তিগত তথ্য বিনিময়ে সতর্ক থাকতে হবে। ভুক্তভোগীদের দ্রুত নিকটস্থ থানায় বা সাইবার হেল্পলাইনে অভিযোগ জানানোর পরামর্শ দিয়েছে পুলিশ। www.nilg.gov.bd

(প্রথম পৃষ্ঠার পর) এক বছরে দেশের বিভিন্ন সাইবার অপরাধের ঘটনায় প্রায় ৭৫ হাজার অভিযোগ জমা পড়েছে। সিআইডির সাইবার পুলিশ সেন্টার জানিয়েছে, অভিযোগের বড় অংশই ফেসবুক আইডি হ্যাক, অনলাইন প্রতারণা, ভুয়া পেজ খুলে ব্ল্যাকমেইল এবং মোবাইল ব্যাংকিংয়ে প্রতারণাসংক্রান্ত। ভুক্তভোগীদের মধ্যে নারীর সংখ্যা উল্লেখযোগ্য। সংশ্লিষ্টরা বলছেন, ডিজিটাল সাক্ষরতার অভাব ও সচেতনতার ঘাটতির কারণে এ ধরনের অপরাধ বাড়ছে। পুলিশ সদর দফতর জানিয়েছে, সাইবার অপরাধ দমনে বিশেষ ইউনিট গঠন করা হয়েছে এবং অভিযুক্তদের আইনের আওতায় আনতে নিয়মিত অভিযান চলছে। বিশেষজ্ঞরা মনে করেন, প্রযুক্তির নিরাপদ ব্যবহার নিশ্চিত করতে ব্যক্তিগত তথ্য গোপন রাখা, শক্তিশালী পাসওয়ার্ড ব্যবহার এবং দ্বিস্তরবিশিষ্ট নিরাপত্তা ব্যবস্থা চালু রাখা জরুরি। পাশাপাশি সামাজিক যোগাযোগমাধ্যমে অপরিচিত ব্যক্তির সঙ্গে ব্যক্তিগত তথ্য বিনিময়ে সতর্ক থাকতে হবে। ভুক্তভোগীদের দ্রুত নিকটস্থ থানায় বা সাইবার হেল্পলাইনে অভিযোগ জানানোর পরামর্শ দিয়েছে পুলিশ। www.nilg.gov.bd

Government of the People's Republic of Bangladesh
Office of the Project Director (ACE, RHD)
Matarbari Port Development Project (RHD Component)
RHD Foreign Aided Projects Office Building (Level-01)
Road #27, Block-A, Banani, Dhaka-1213
Phone: +88 01313 092 129
E-mail: pdportrhd@gmail.com
Memo No.: PD/MPDP/995	Date: 08/09/2022
CORRIGENDUM NO. 02
Name of The Bid: Invitation for Bids for the Construction of Matarbari Port Access Road under Matarbari Port Development Project (RHD Component) (Civil Works Package No. CW-3a, CW-3b and CW-3c) (JICA Loan Agreement No. BD-P105).
Tender Package No. MRDP/RHD/01/2022-23
Invitation Ref. Memo no. PD/MPDP/916 Dated: 05/07/2022
The following amendment is made to the above-mentioned bid notice. All other terms and conditions shall remain valid and unchanged.
Serial No.	Reference Clause	Page Reference	Amended
01	Section II Bid Data Sheet ITB 22.1	PART 1-BIDDING PROCEDURES Section II Page: BDS-5	Delete the item descriptions in the last para. and replace with the following new description: The deadline for Bid Submission is: Date: 15 November 2022 Time: 11:00 Hrs. (Bangladesh Standard Time)
02	Section II Bid Data Sheet ITB 25.1	PART 1-BIDDING PROCEDURES Section II Page: BDS-5,6	Delete the item descriptions and replace with the following new description: The Technical Bid Opening shall take place at: Place: Office of Project Director, Address: 1st Floor, RHD Foreign Aided Projects Office Building, Road No. 27, Block-A, Banani, Dhaka-1213, Bangladesh. Date: 15 November 2022 Time: 12:00 Hrs. (Bangladesh Standard Time)
(Md. Zakir Hossain)
ID No.: 005168
Project Director (ACE, RHD)
Matarbari Port Development Project
(RHD Component)
জি-১৬১৪/২২ (৬x৩)
NILG
গণপ্রজাতন্ত্রী বাংলাদেশ সরকার
স্থানীয় সরকার, পল্লী উন্নয়ন ও সমবায় মন্ত্রণালয়
জাতীয় স্থানীয় সরকার ইনস্টিটিউট
(এনআইএলজি)
২৯, আগারগাঁও, শেরে বাংলা নগর, ঢাকা-১২০৭।
www.nilg.gov.bd
শেখ হাসিনার মূলনীতি গ্রাম শহরের উন্নতি
স্মারক নং: ৪৬.০৬৮.০০০০.০০১.১৪.০০১.১৪-৫০৪	তারিখ: ০৮-০৯-২০২২ খ্রি
দরপত্র বিজ্ঞপ্তি
০১.	মন্ত্রণালয়/বিভাগ	স্থানীয় সরকার, পল্লী উন্নয়ন ও সমবায় মন্ত্রণালয়
০২.	দরপত্র আহবানকারী	জাতীয় স্থানীয় সরকার ইনস্টিটিউট, ২৯, আগারগাঁও, শেরে বাংলা নগর, ঢাকা-১২০৭।
০৩.	দরপত্র পদ্ধতি	উন্মুক্ত দরপত্র পদ্ধতি (OTM) (ফ্রেমওয়ার্ক চুক্তি)
০৪.	অর্থের উৎস	এনআইএলজির রাজস্ব খাত
০৫.	মুদ্রণযোগ্য মালামালের বিবরণ	বিভিন্ন ধরনের প্রশিক্ষণ ম্যানুয়াল, নিবন্ধীকরণ ফরম, মূল্যায়ন ফরম, সার্টিফিকেট, সার্টিফিকেট ফোল্ডার ও অন্যান্য মুদ্রণ সামগ্রী (বিস্তারিত টেন্ডার ডকুমেন্টে উল্লেখ রয়েছে)
০৬.	সিডিউলের মূল্য	২,০০০/- (দুই হাজার) টাকা মাত্র
০৭.	দরপত্র জামানত	১৯,০০০/- (উনিশ হাজার) টাকা মাত্র (মহাপরিচালক, এনআইএলজি বরাবর পে-অর্ডার)
০৮.	দরপত্র প্রকাশের তারিখ	০৯-০৯-২০২২ খ্রি
০৯.	টেন্ডার সিডিউল বিক্রয়ের তারিখ ও সময়	১২-০৯-২০২২ খ্রি তারিখ হতে ১৯-০৯-২০২২ খ্রি তারিখ অফিস চলাকালীন সময়
১০.	টেন্ডার সিডিউল প্রাপ্তির স্থান	এনআইএলজির হিসাব শাখা
১১.	দরপত্র জমাদানের তারিখ ও স্থান	২২-০৯-২০২২ খ্রি তারিখ বেলা ১২:০০ ঘটিকা পর্যন্ত এনআইএলজির প্রশাসন শাখা
১২.	টেন্ডার খোলার তারিখ ও সময়	২২-০৯-২০২২ খ্রি তারিখ বেলা ০১:০০ ঘটিকায় উপস্থিত দরদাতাগণের সম্মুখে

* কর্তৃপক্ষ কোনো কারণ দর্শানো ব্যতিরেকে যে কোনো দরপত্র গ্রহণ বা বাতিলের ক্ষমতা সংরক্ষণ করেন।
(মো: মনিরুজ্জামান)
যুগ্মপরিচালক
পরিচালক (প্রশাসন ও সমন্বয়)
জি-১৬৩০/২২ (৬x৩)
